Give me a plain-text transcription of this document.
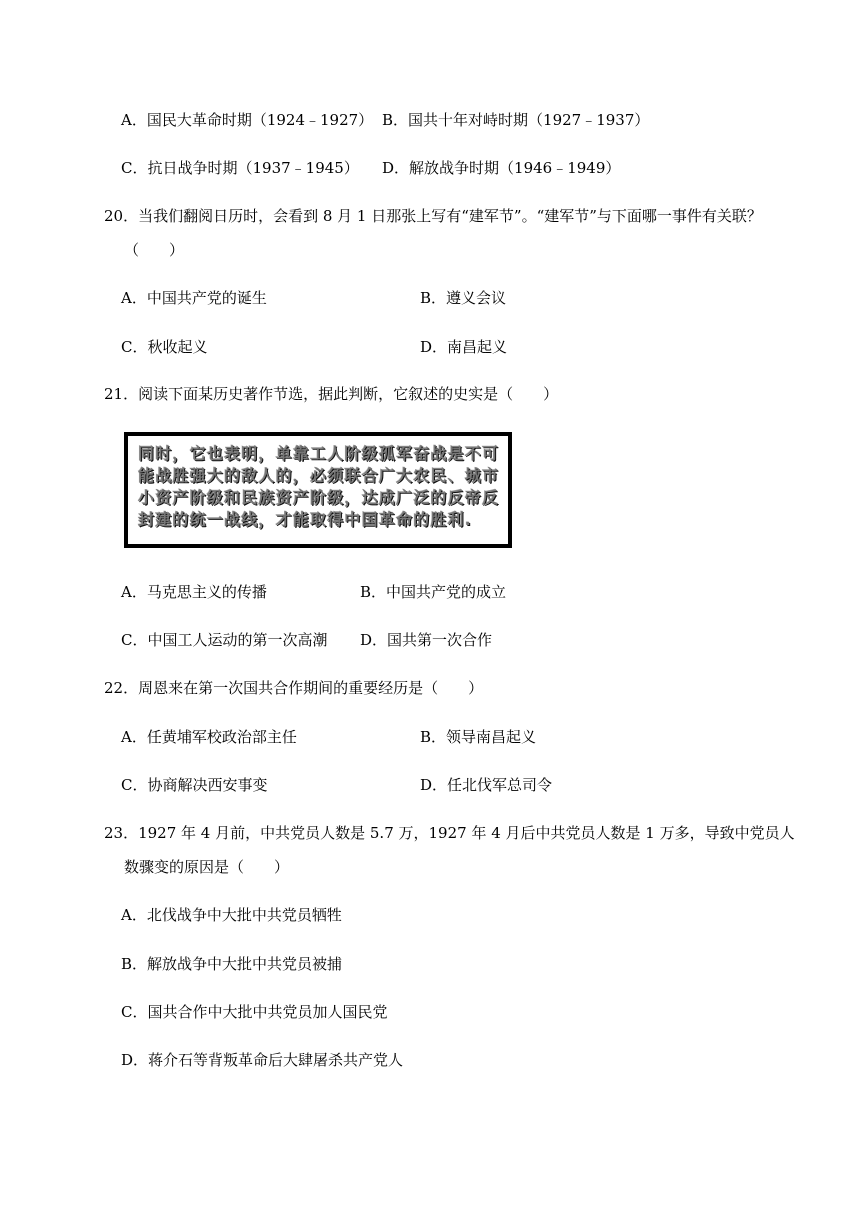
A．国民大革命时期（1924﹣1927） B．国共十年对峙时期（1927﹣1937）
C．抗日战争时期（1937﹣1945） D．解放战争时期（1946﹣1949）
20．当我们翻阅日历时，会看到 8 月 1 日那张上写有“建军节”。“建军节”与下面哪一事件有关联？
（　　）
A．中国共产党的诞生	B．遵义会议
C．秋收起义	D．南昌起义
21．阅读下面某历史著作节选，据此判断，它叙述的史实是（　　）
同时，它也表明，单靠工人阶级孤军奋战是不可
能战胜强大的敌人的，必须联合广大农民、城市
小资产阶级和民族资产阶级，达成广泛的反帝反
封建的统一战线，才能取得中国革命的胜利.
A．马克思主义的传播	B．中国共产党的成立
C．中国工人运动的第一次高潮 D．国共第一次合作
22．周恩来在第一次国共合作期间的重要经历是（　　）
A．任黄埔军校政治部主任	B．领导南昌起义
C．协商解决西安事变	D．任北伐军总司令
23．1927 年 4 月前，中共党员人数是 5.7 万，1927 年 4 月后中共党员人数是 1 万多，导致中党员人
数骤变的原因是（　　）
A．北伐战争中大批中共党员牺牲
B．解放战争中大批中共党员被捕
C．国共合作中大批中共党员加人国民党
D．蒋介石等背叛革命后大肆屠杀共产党人
